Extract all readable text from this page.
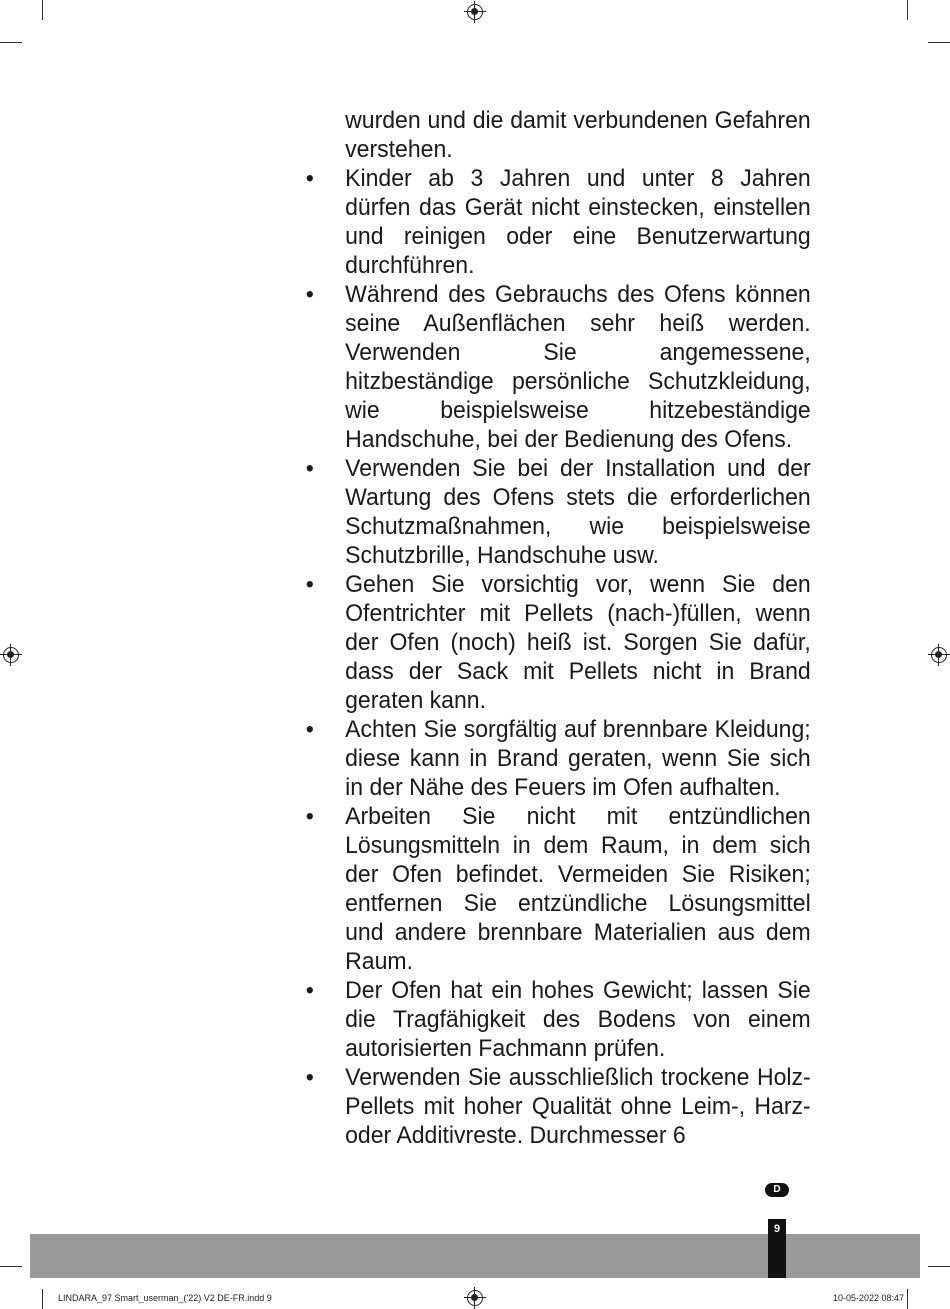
wurden und die damit verbundenen Gefahren verstehen.

•	Kinder ab 3 Jahren und unter 8 Jahren dürfen das Gerät nicht einstecken, einstellen und reinigen oder eine Benutzerwartung durchführen.
•	Während des Gebrauchs des Ofens können seine Außenflächen sehr heiß werden. Verwenden Sie angemessene, hitzbeständige persönliche Schutzkleidung, wie beispielsweise hitzebeständige Handschuhe, bei der Bedienung des Ofens.
•	Verwenden Sie bei der Installation und der Wartung des Ofens stets die erforderlichen Schutzmaßnahmen, wie beispielsweise Schutzbrille, Handschuhe usw.
•	Gehen Sie vorsichtig vor, wenn Sie den Ofentrichter mit Pellets (nach-)füllen, wenn der Ofen (noch) heiß ist. Sorgen Sie dafür, dass der Sack mit Pellets nicht in Brand geraten kann.
•	Achten Sie sorgfältig auf brennbare Kleidung; diese kann in Brand geraten, wenn Sie sich in der Nähe des Feuers im Ofen aufhalten.
•	Arbeiten Sie nicht mit entzündlichen Lösungsmitteln in dem Raum, in dem sich der Ofen befindet. Vermeiden Sie Risiken; entfernen Sie entzündliche Lösungsmittel und andere brennbare Materialien aus dem Raum.
•	Der Ofen hat ein hohes Gewicht; lassen Sie die Tragfähigkeit des Bodens von einem autorisierten Fachmann prüfen.
•	Verwenden Sie ausschließlich trockene Holz-Pellets mit hoher Qualität ohne Leim-, Harz- oder Additivreste. Durchmesser 6
D
9
LINDARA_97 Smart_userman_('22) V2 DE-FR.indd 9	10-05-2022 08:47
